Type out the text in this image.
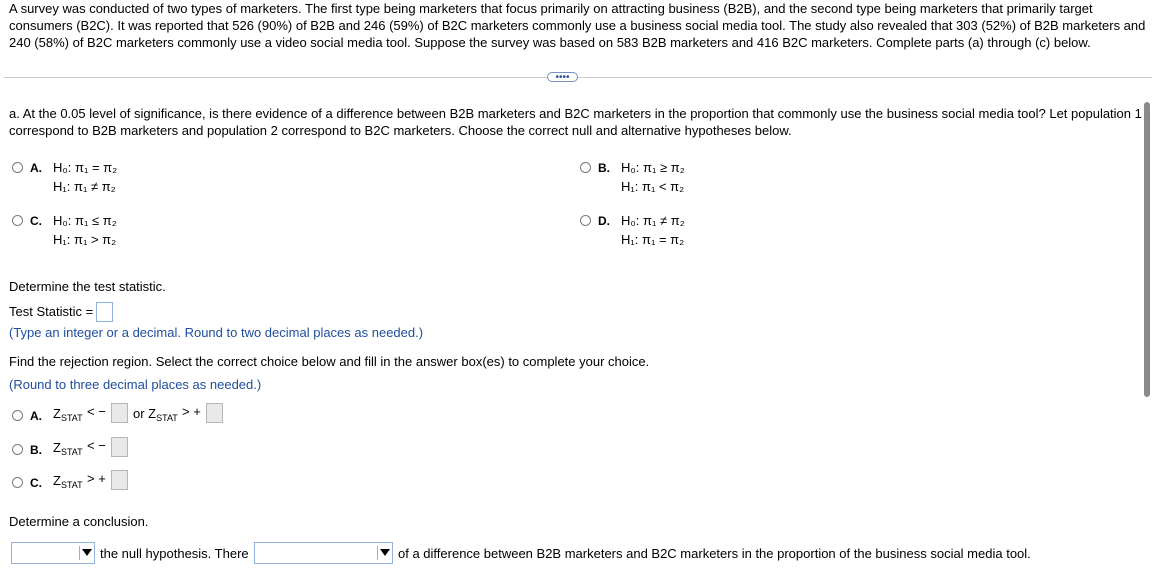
A survey was conducted of two types of marketers. The first type being marketers that focus primarily on attracting business (B2B), and the second type being marketers that primarily target consumers (B2C). It was reported that 526 (90%) of B2B and 246 (59%) of B2C marketers commonly use a business social media tool. The study also revealed that 303 (52%) of B2B marketers and 240 (58%) of B2C marketers commonly use a video social media tool. Suppose the survey was based on 583 B2B marketers and 416 B2C marketers. Complete parts (a) through (c) below.

••••

a. At the 0.05 level of significance, is there evidence of a difference between B2B marketers and B2C marketers in the proportion that commonly use the business social media tool? Let population 1 correspond to B2B marketers and population 2 correspond to B2C marketers. Choose the correct null and alternative hypotheses below.

A. H₀: π₁ = π₂
H₁: π₁ ≠ π₂
B. H₀: π₁ ≥ π₂
H₁: π₁ < π₂
C. H₀: π₁ ≤ π₂
H₁: π₁ > π₂
D. H₀: π₁ ≠ π₂
H₁: π₁ = π₂
Determine the test statistic.
Test Statistic =
(Type an integer or a decimal. Round to two decimal places as needed.)
Find the rejection region. Select the correct choice below and fill in the answer box(es) to complete your choice.
(Round to three decimal places as needed.)
A. $Z_{STAT}$ < − or $Z_{STAT}$ > +
B. $Z_{STAT}$ < −
C. $Z_{STAT}$ > +
Determine a conclusion.
the null hypothesis. There	of a difference between B2B marketers and B2C marketers in the proportion of the business social media tool.
